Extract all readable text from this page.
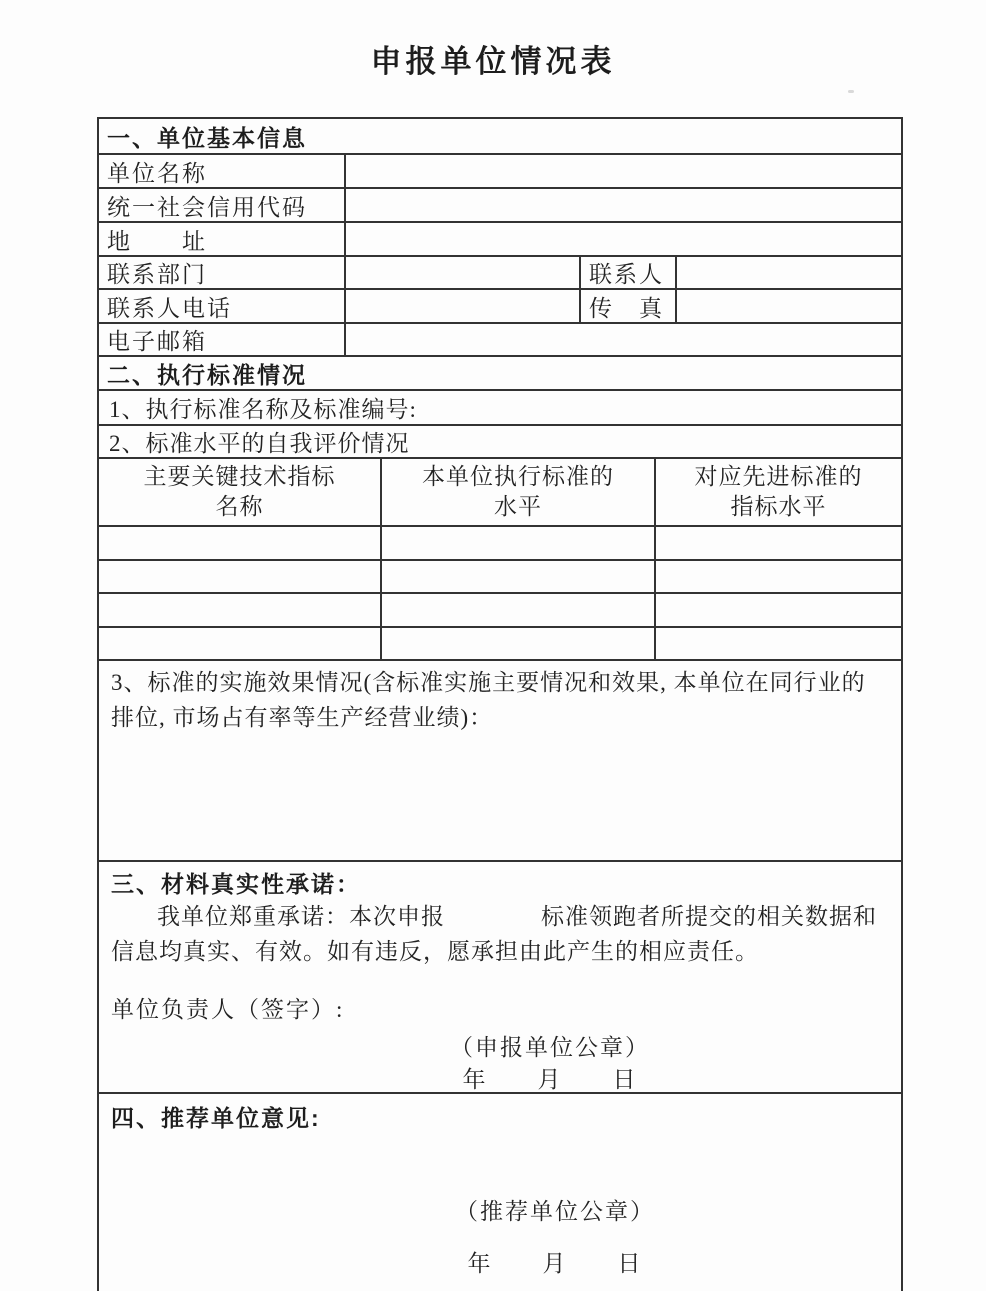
申报单位情况表
一、单位基本信息
单位名称
统一社会信用代码
地　　址
联系部门	联系人
联系人电话	传　真
电子邮箱
二、执行标准情况
1、执行标准名称及标准编号:
2、标准水平的自我评价情况
主要关键技术指标
名称
本单位执行标准的
水平
对应先进标准的
指标水平

3、标准的实施效果情况(含标准实施主要情况和效果, 本单位在同行业的排位, 市场占有率等生产经营业绩)：

三、材料真实性承诺：

我单位郑重承诺：本次申报　　　　标准领跑者所提交的相关数据和信息均真实、有效。如有违反，愿承担由此产生的相应责任。

单位负责人（签字）:
（申报单位公章）
年　　月　　日
四、推荐单位意见:
（推荐单位公章）
年　　月　　日
